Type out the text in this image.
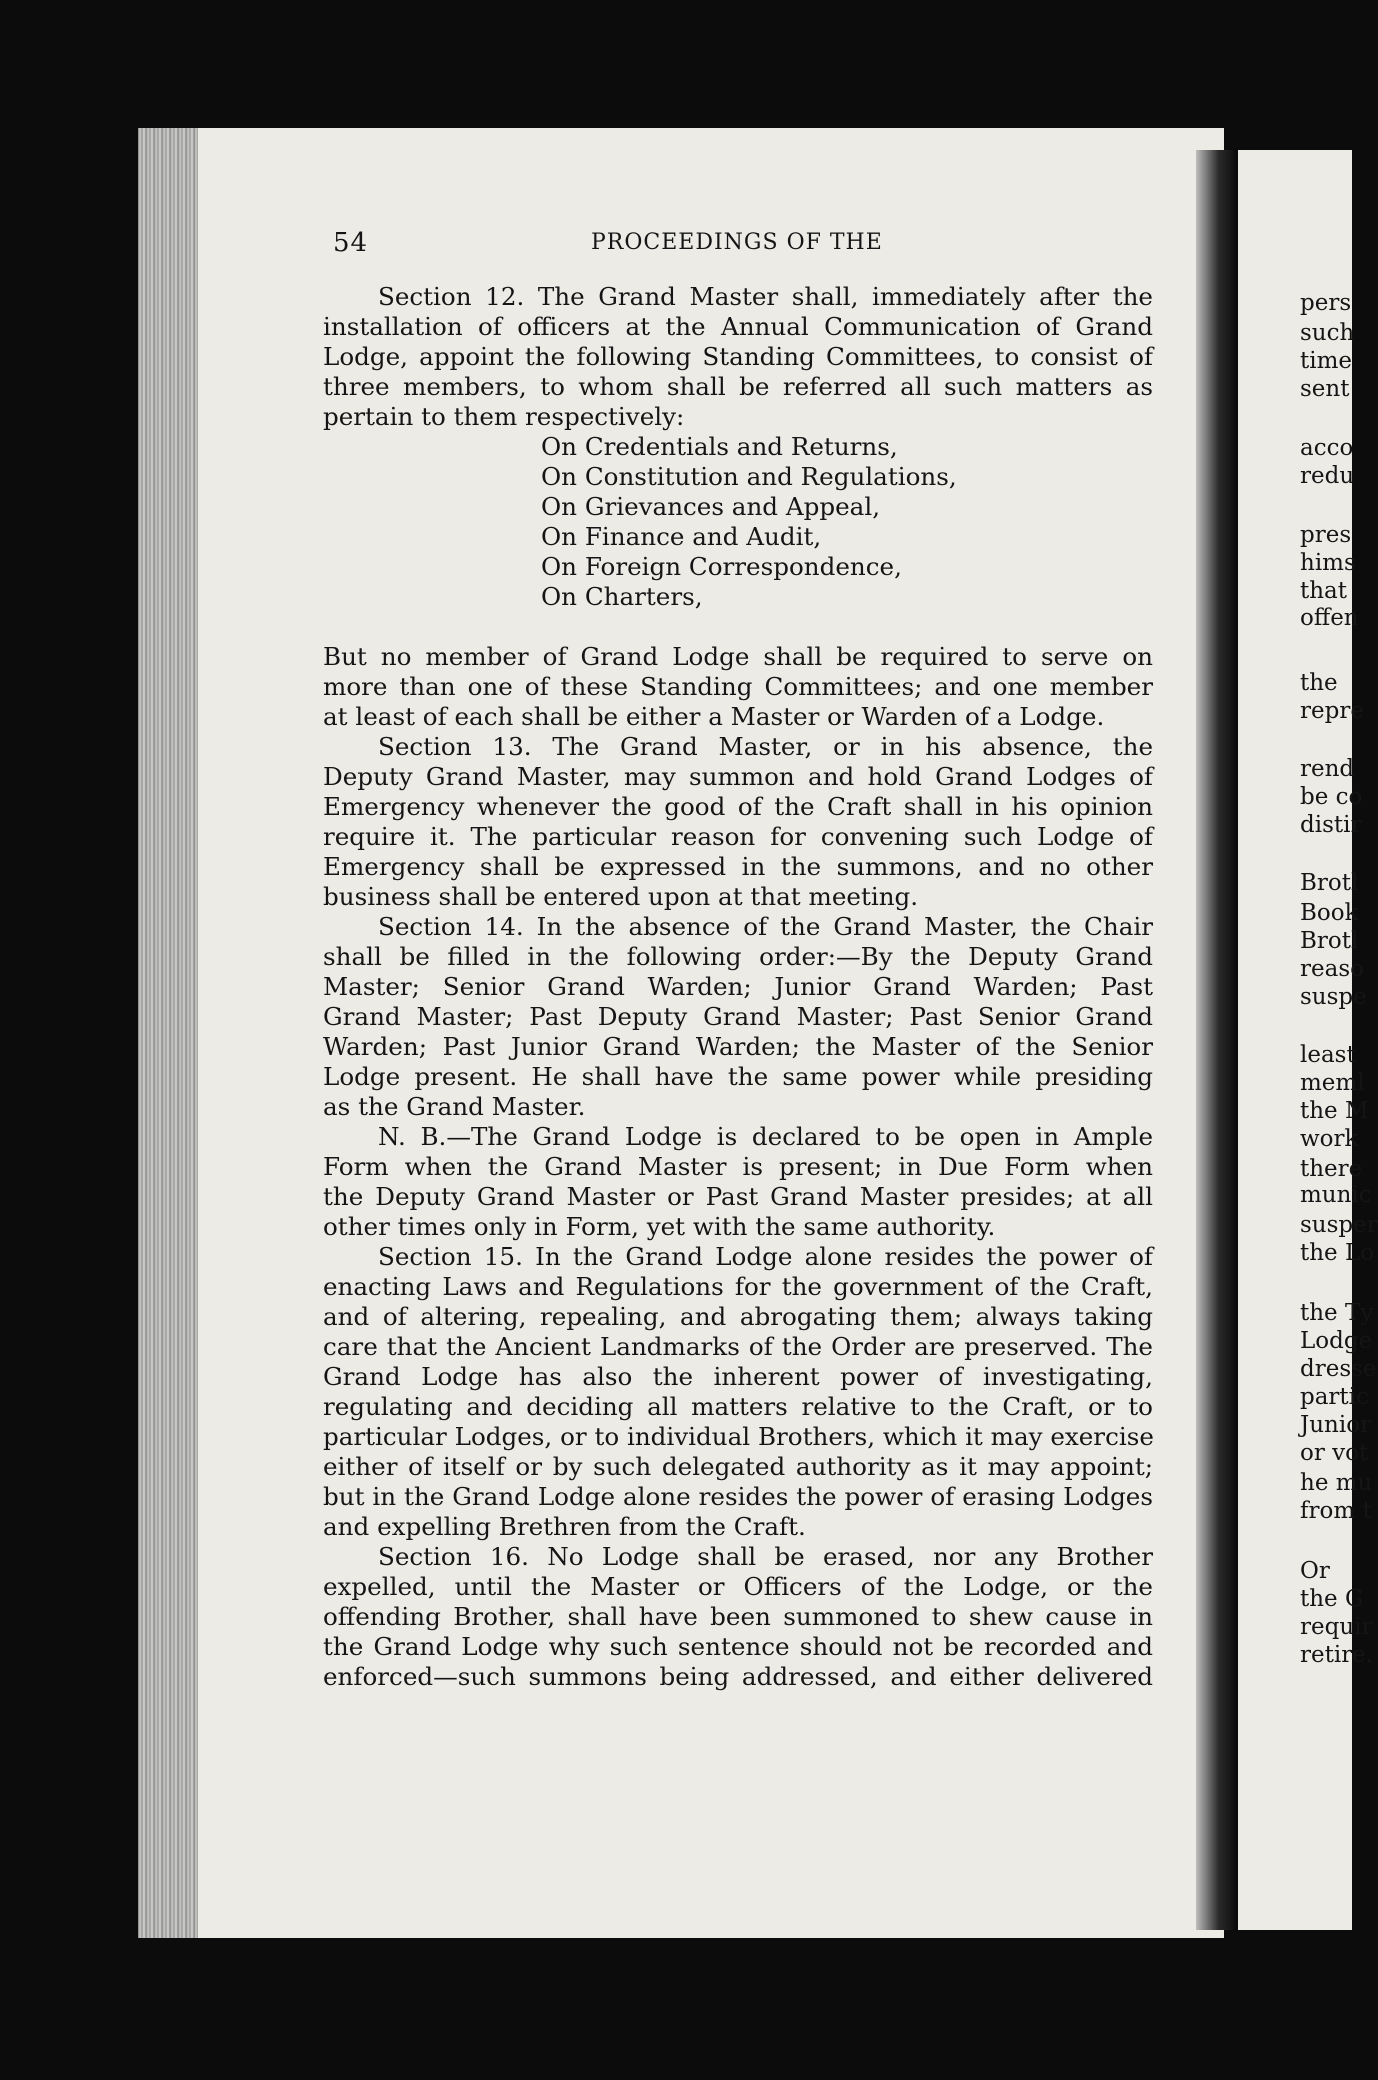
pers
such
time
sent
acco
redu
pres
hims
that
offen
the
repre
rend
be co
distir
Brotl
Book
Brotl
reaso
suspe
least
meml
the M
work
there
munic
susper
the Lo
the Ty
Lodge
dresse
partic
Junior
or vot
he mu
from t
Or
the G
requir
retire.
54	PROCEEDINGS OF THE
Section 12. The Grand Master shall, immediately after the
installation of officers at the Annual Communication of Grand
Lodge, appoint the following Standing Committees, to consist of
three members, to whom shall be referred all such matters as
pertain to them respectively:
On Credentials and Returns,
On Constitution and Regulations,
On Grievances and Appeal,
On Finance and Audit,
On Foreign Correspondence,
On Charters,
But no member of Grand Lodge shall be required to serve on
more than one of these Standing Committees; and one member
at least of each shall be either a Master or Warden of a Lodge.
Section 13. The Grand Master, or in his absence, the
Deputy Grand Master, may summon and hold Grand Lodges of
Emergency whenever the good of the Craft shall in his opinion
require it. The particular reason for convening such Lodge of
Emergency shall be expressed in the summons, and no other
business shall be entered upon at that meeting.
Section 14. In the absence of the Grand Master, the Chair
shall be filled in the following order:—By the Deputy Grand
Master; Senior Grand Warden; Junior Grand Warden; Past
Grand Master; Past Deputy Grand Master; Past Senior Grand
Warden; Past Junior Grand Warden; the Master of the Senior
Lodge present. He shall have the same power while presiding
as the Grand Master.
N. B.—The Grand Lodge is declared to be open in Ample
Form when the Grand Master is present; in Due Form when
the Deputy Grand Master or Past Grand Master presides; at all
other times only in Form, yet with the same authority.
Section 15. In the Grand Lodge alone resides the power of
enacting Laws and Regulations for the government of the Craft,
and of altering, repealing, and abrogating them; always taking
care that the Ancient Landmarks of the Order are preserved. The
Grand Lodge has also the inherent power of investigating,
regulating and deciding all matters relative to the Craft, or to
particular Lodges, or to individual Brothers, which it may exercise
either of itself or by such delegated authority as it may appoint;
but in the Grand Lodge alone resides the power of erasing Lodges
and expelling Brethren from the Craft.
Section 16. No Lodge shall be erased, nor any Brother
expelled, until the Master or Officers of the Lodge, or the
offending Brother, shall have been summoned to shew cause in
the Grand Lodge why such sentence should not be recorded and
enforced—such summons being addressed, and either delivered
